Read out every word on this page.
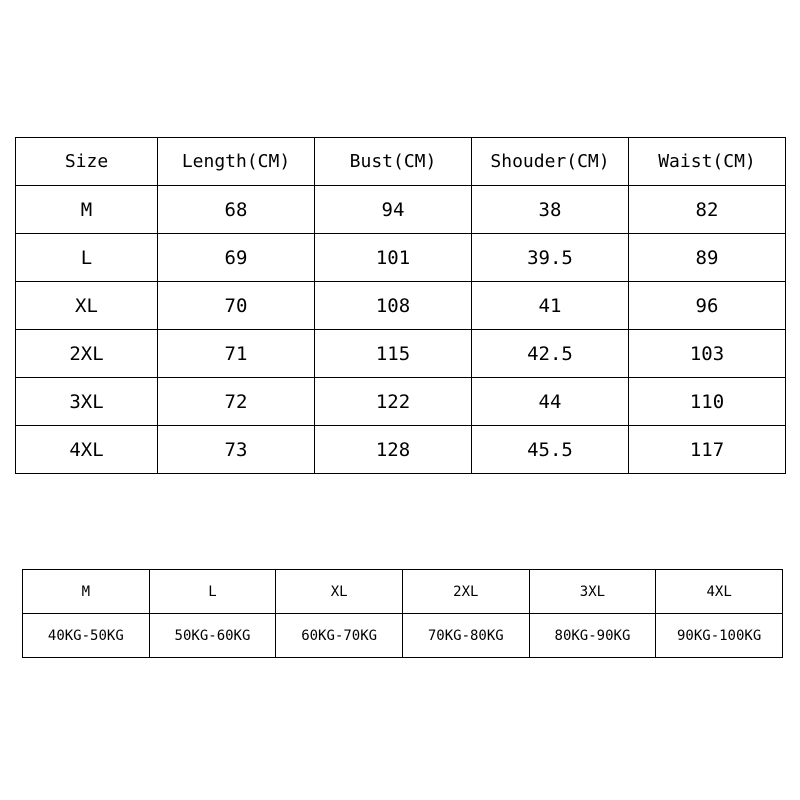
Size	Length(CM)	Bust(CM)	Shouder(CM)	Waist(CM)
M	68	94	38	82
L	69	101	39.5	89
XL	70	108	41	96
2XL	71	115	42.5	103
3XL	72	122	44	110
4XL	73	128	45.5	117
M	L	XL	2XL	3XL	4XL
40KG-50KG	50KG-60KG	60KG-70KG	70KG-80KG	80KG-90KG	90KG-100KG
